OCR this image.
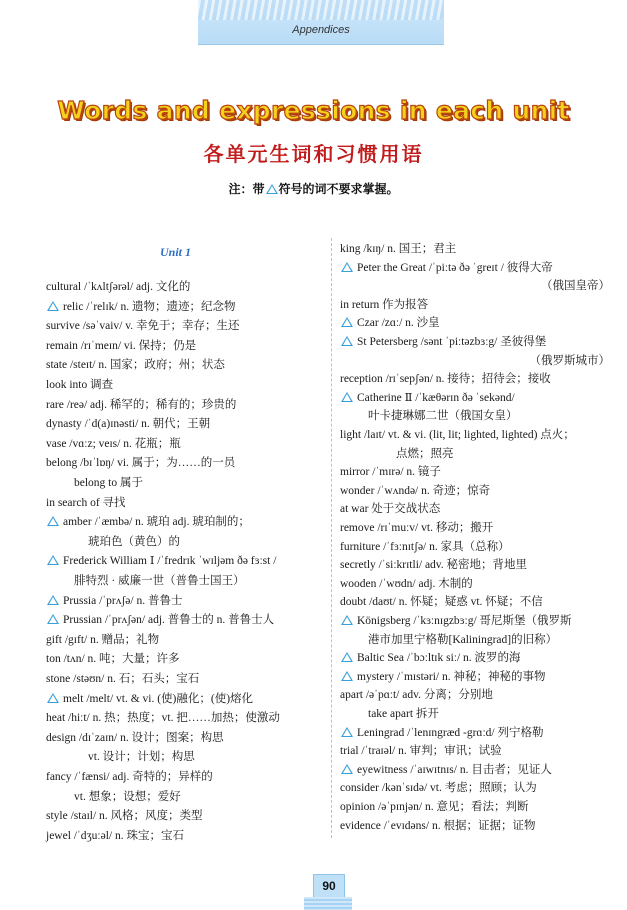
Appendices
Words and expressions in each unit
各单元生词和习惯用语
注：带 符号的词不要求掌握。
Unit 1
cultural /ˈkʌltʃərəl/ adj. 文化的
relic /ˈrelɪk/ n. 遗物；遗迹；纪念物
survive /səˈvaiv/ v. 幸免于；幸存；生还
remain /rɪˈmeɪn/ vi. 保持；仍是
state /steɪt/ n. 国家；政府；州；状态
look into 调查
rare /reə/ adj. 稀罕的；稀有的；珍贵的
dynasty /ˈd(a)ɪnəsti/ n. 朝代；王朝
vase /vɑːz; veɪs/ n. 花瓶；瓶
belong /bɪˈlɒŋ/ vi. 属于；为……的一员
belong to 属于
in search of 寻找
amber /ˈæmbə/ n. 琥珀 adj. 琥珀制的；
琥珀色（黄色）的
Frederick William Ⅰ /ˈfredrɪk ˈwɪljəm ðə fɜːst /
腓特烈 · 威廉一世（普鲁士国王）
Prussia /ˈprʌʃə/ n. 普鲁士
Prussian /ˈprʌʃən/ adj. 普鲁士的 n. 普鲁士人
gift /gɪft/ n. 赠品；礼物
ton /tʌn/ n. 吨；大量；许多
stone /stəʊn/ n. 石；石头；宝石
melt /melt/ vt. & vi. (使)融化；(使)熔化
heat /hiːt/ n. 热；热度；vt. 把……加热；使激动
design /dɪˈzaɪn/ n. 设计；图案；构思
vt. 设计；计划；构思
fancy /ˈfænsi/ adj. 奇特的；异样的
vt. 想象；设想；爱好
style /staɪl/ n. 风格；风度；类型
jewel /ˈdʒuːəl/ n. 珠宝；宝石
king /kɪŋ/ n. 国王；君主
Peter the Great /ˈpiːtə ðə ˈgreɪt / 彼得大帝
（俄国皇帝）
in return 作为报答
Czar /zɑː/ n. 沙皇
St Petersberg /sənt ˈpiːtəzbɜːg/ 圣彼得堡
（俄罗斯城市）
reception /rɪˈsepʃən/ n. 接待；招待会；接收
Catherine Ⅱ /ˈkæθərɪn ðə ˈsekənd/
叶卡捷琳娜二世（俄国女皇）
light /laɪt/ vt. & vi. (lit, lit; lighted, lighted) 点火；
点燃；照亮
mirror /ˈmɪrə/ n. 镜子
wonder /ˈwʌndə/ n. 奇迹；惊奇
at war 处于交战状态
remove /rɪˈmuːv/ vt. 移动；搬开
furniture /ˈfɜːnɪtʃə/ n. 家具（总称）
secretly /ˈsiːkrɪtli/ adv. 秘密地；背地里
wooden /ˈwʊdn/ adj. 木制的
doubt /daʊt/ n. 怀疑；疑惑 vt. 怀疑；不信
Königsberg /ˈkɜːnɪgzbɜːg/ 哥尼斯堡（俄罗斯
港市加里宁格勒[Kaliningrad]的旧称）
Baltic Sea /ˈbɔːltɪk siː/ n. 波罗的海
mystery /ˈmɪstəri/ n. 神秘；神秘的事物
apart /əˈpɑːt/ adv. 分离；分别地
take apart 拆开
Leningrad /ˈlenɪngræd -grɑːd/ 列宁格勒
trial /ˈtraɪəl/ n. 审判；审讯；试验
eyewitness /ˈaɪwɪtnɪs/ n. 目击者；见证人
consider /kənˈsɪdə/ vt. 考虑；照顾；认为
opinion /əˈpɪnjən/ n. 意见；看法；判断
evidence /ˈevɪdəns/ n. 根据；证据；证物
90
